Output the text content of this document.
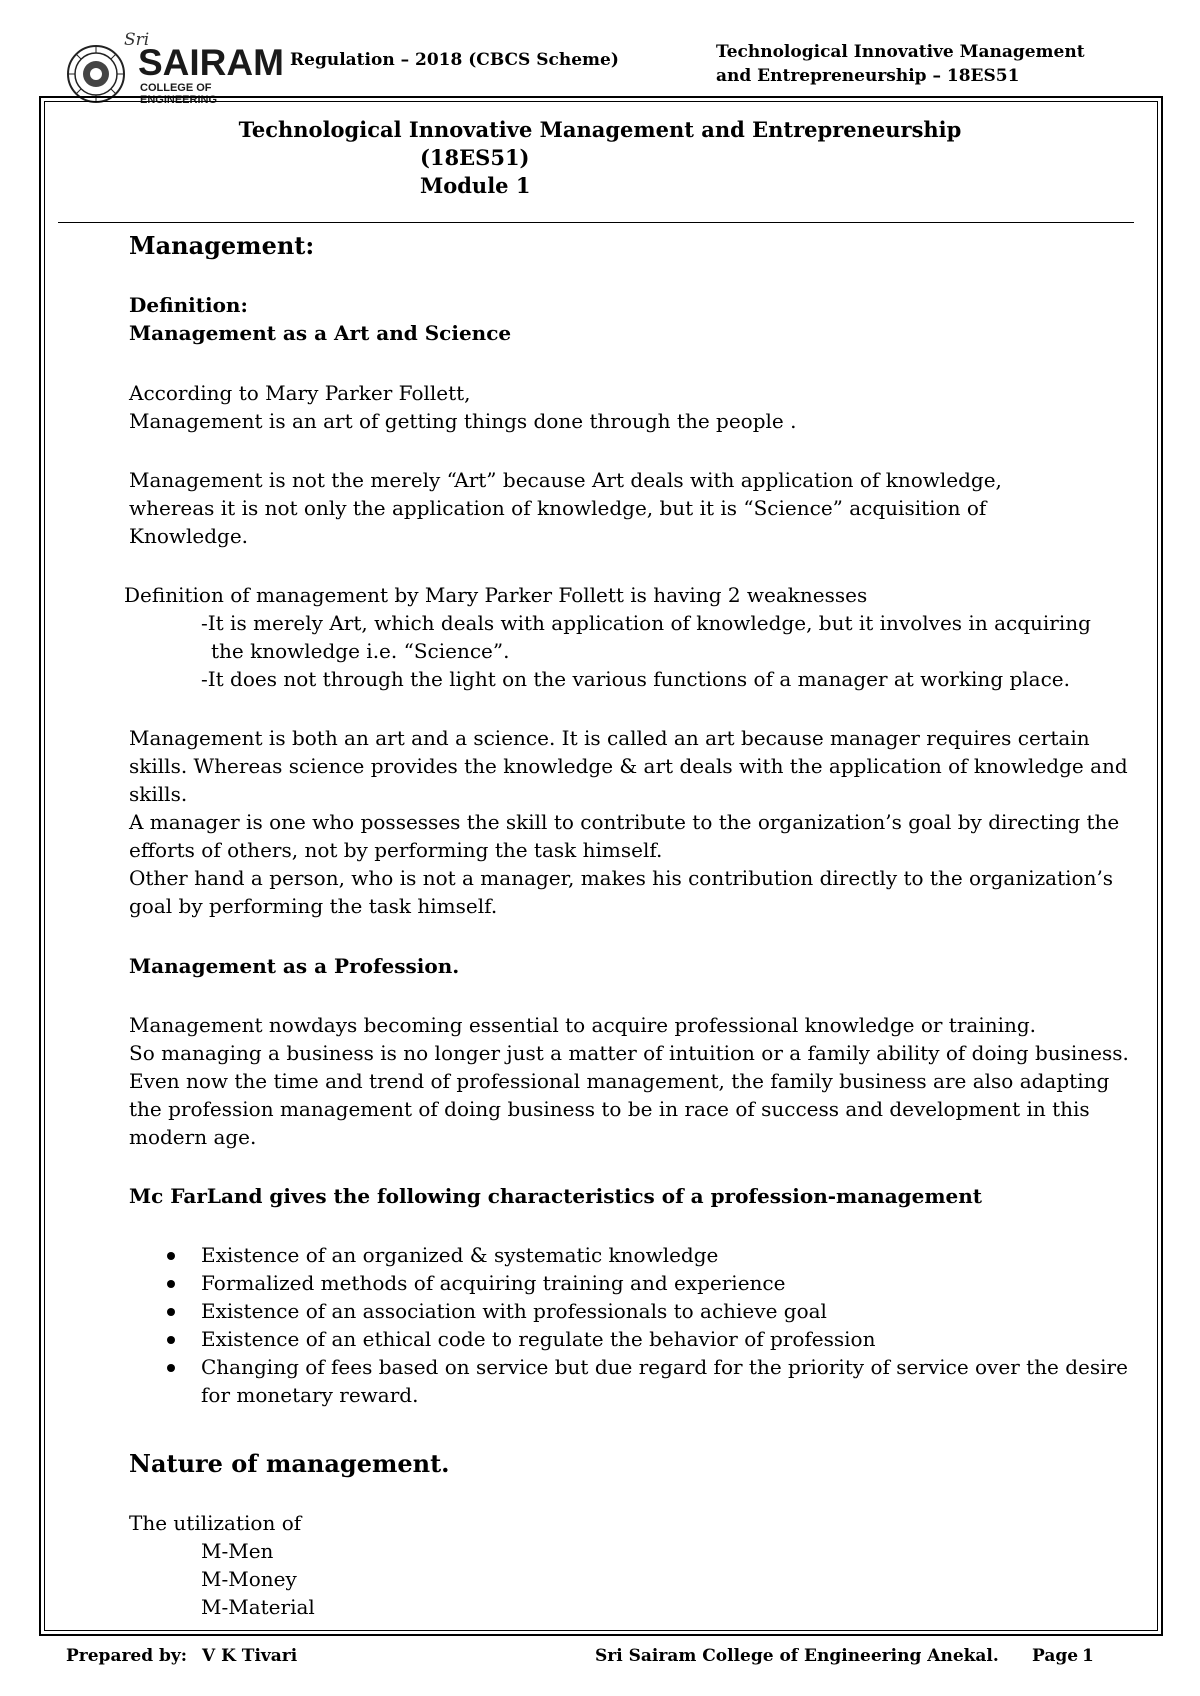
Sri
SAIRAM
COLLEGE OF ENGINEERING
Regulation – 2018 (CBCS Scheme)	Technological Innovative Management
and Entrepreneurship – 18ES51
Technological Innovative Management and Entrepreneurship
(18ES51)
Module 1
Management:
Definition:
Management as a Art and Science
According to Mary Parker Follett,
Management is an art of getting things done through the people .
Management is not the merely “Art” because Art deals with application of knowledge,
whereas it is not only the application of knowledge, but it is “Science” acquisition of
Knowledge.
Definition of management by Mary Parker Follett is having 2 weaknesses
-It is merely Art, which deals with application of knowledge, but it involves in acquiring
the knowledge i.e. “Science”.
-It does not through the light on the various functions of a manager at working place.
Management is both an art and a science. It is called an art because manager requires certain
skills. Whereas science provides the knowledge & art deals with the application of knowledge and
skills.
A manager is one who possesses the skill to contribute to the organization’s goal by directing the
efforts of others, not by performing the task himself.
Other hand a person, who is not a manager, makes his contribution directly to the organization’s
goal by performing the task himself.
Management as a Profession.
Management nowdays becoming essential to acquire professional knowledge or training.
So managing a business is no longer just a matter of intuition or a family ability of doing business.
Even now the time and trend of professional management, the family business are also adapting
the profession management of doing business to be in race of success and development in this
modern age.
Mc FarLand gives the following characteristics of a profession-management
Existence of an organized & systematic knowledge
Formalized methods of acquiring training and experience
Existence of an association with professionals to achieve goal
Existence of an ethical code to regulate the behavior of profession
Changing of fees based on service but due regard for the priority of service over the desire
for monetary reward.
Nature of management.
The utilization of
M-Men
M-Money
M-Material
Prepared by: V K Tivari	Sri Sairam College of Engineering Anekal. Page 1
